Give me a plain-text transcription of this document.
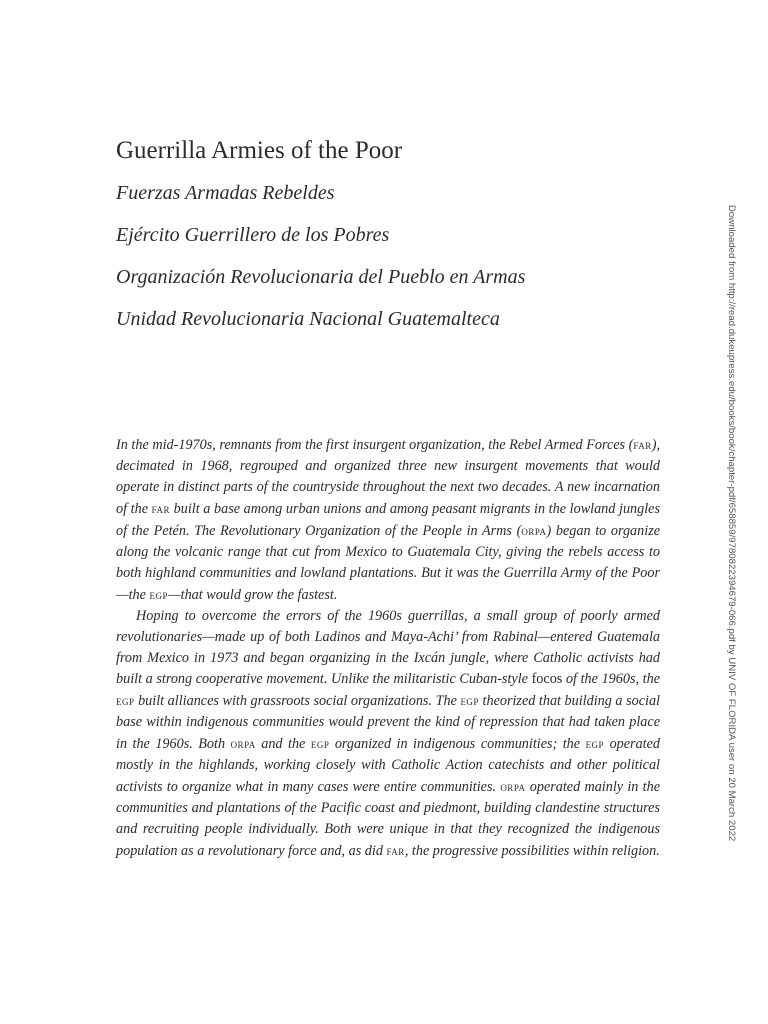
Guerrilla Armies of the Poor
Fuerzas Armadas Rebeldes
Ejército Guerrillero de los Pobres
Organización Revolucionaria del Pueblo en Armas
Unidad Revolucionaria Nacional Guatemalteca

In the mid-1970s, remnants from the first insurgent organization, the Rebel Armed Forces (far), decimated in 1968, regrouped and organized three new insurgent movements that would operate in distinct parts of the countryside throughout the next two decades. A new incarnation of the far built a base among urban unions and among peasant migrants in the lowland jungles of the Petén. The Revolutionary Organization of the People in Arms (orpa) began to organize along the volcanic range that cut from Mexico to Guatemala City, giving the rebels access to both highland communities and lowland plantations. But it was the Guerrilla Army of the Poor—the egp—that would grow the fastest.

Hoping to overcome the errors of the 1960s guerrillas, a small group of poorly armed revolutionaries—made up of both Ladinos and Maya-Achi’ from Rabinal—entered Guatemala from Mexico in 1973 and began organizing in the Ixcán jungle, where Catholic activists had built a strong cooperative movement. Unlike the militaristic Cuban-style focos of the 1960s, the egp built alliances with grassroots social organizations. The egp theorized that building a social base within indigenous communities would prevent the kind of repression that had taken place in the 1960s. Both orpa and the egp organized in indigenous communities; the egp operated mostly in the highlands, working closely with Catholic Action catechists and other political activists to organize what in many cases were entire communities. orpa operated mainly in the communities and plantations of the Pacific coast and piedmont, building clandestine structures and recruiting people individually. Both were unique in that they recognized the indigenous population as a revolutionary force and, as did far, the progressive possibilities within religion.

Downloaded from http://read.dukeupress.edu/books/book/chapter-pdf/658859/9780822394679-066.pdf by UNIV OF FLORIDA user on 20 March 2022
